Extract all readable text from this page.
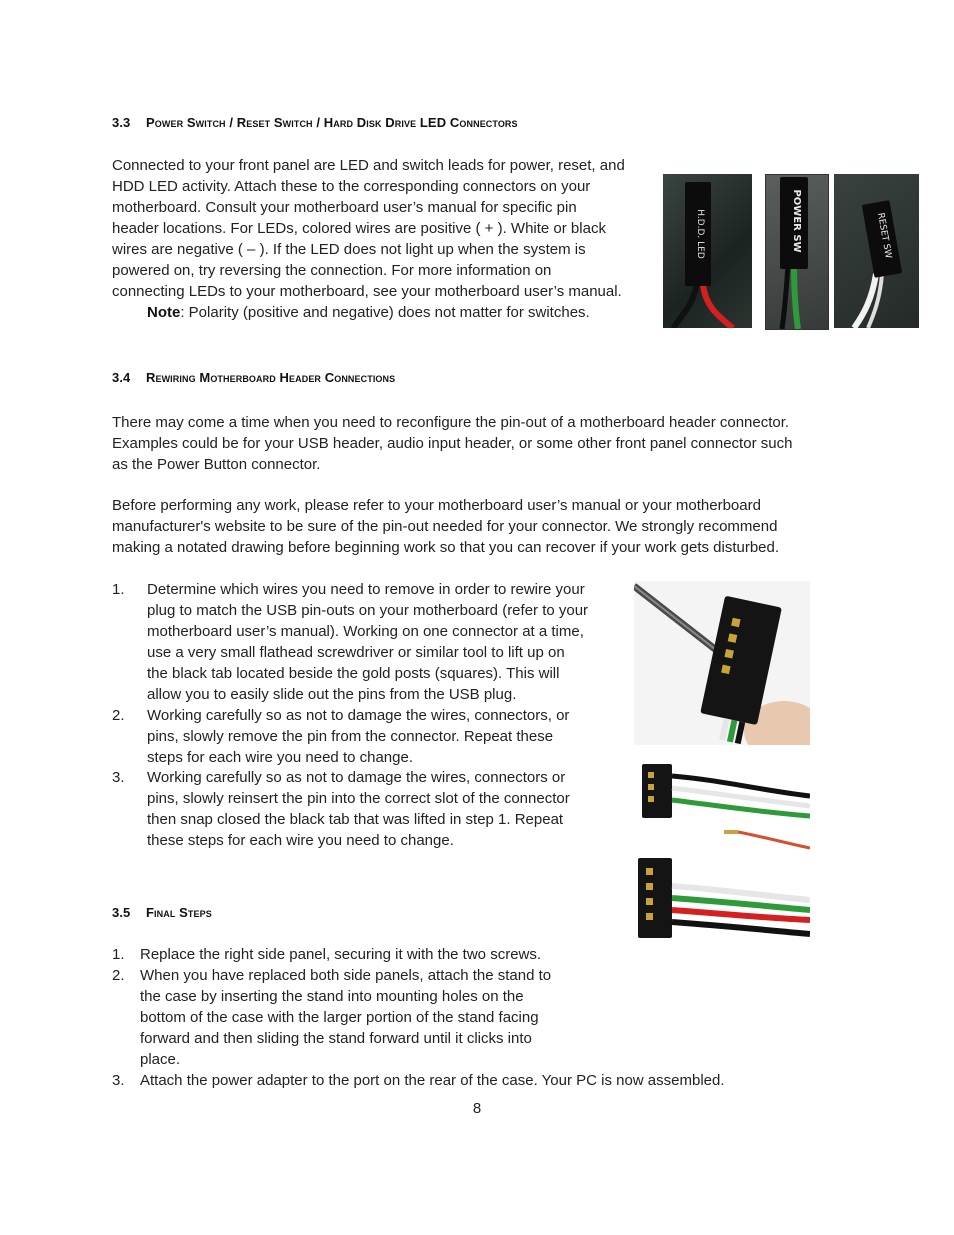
3.3 Power Switch / Reset Switch / Hard Disk Drive LED Connectors
Connected to your front panel are LED and switch leads for power, reset, and
HDD LED activity. Attach these to the corresponding connectors on your
motherboard. Consult your motherboard user’s manual for specific pin
header locations. For LEDs, colored wires are positive ( + ). White or black
wires are negative ( – ). If the LED does not light up when the system is
powered on, try reversing the connection. For more information on
connecting LEDs to your motherboard, see your motherboard user’s manual.
Note: Polarity (positive and negative) does not matter for switches.
H.D.D. LED	POWER SW	RESET SW
3.4 Rewiring Motherboard Header Connections
There may come a time when you need to reconfigure the pin-out of a motherboard header connector.
Examples could be for your USB header, audio input header, or some other front panel connector such
as the Power Button connector.
Before performing any work, please refer to your motherboard user’s manual or your motherboard
manufacturer's website to be sure of the pin-out needed for your connector. We strongly recommend
making a notated drawing before beginning work so that you can recover if your work gets disturbed.
1. Determine which wires you need to remove in order to rewire your
plug to match the USB pin-outs on your motherboard (refer to your
motherboard user’s manual). Working on one connector at a time,
use a very small flathead screwdriver or similar tool to lift up on
the black tab located beside the gold posts (squares). This will
allow you to easily slide out the pins from the USB plug.
2. Working carefully so as not to damage the wires, connectors, or
pins, slowly remove the pin from the connector. Repeat these
steps for each wire you need to change.
3. Working carefully so as not to damage the wires, connectors or
pins, slowly reinsert the pin into the correct slot of the connector
then snap closed the black tab that was lifted in step 1. Repeat
these steps for each wire you need to change.
3.5 Final Steps
1. Replace the right side panel, securing it with the two screws.
2. When you have replaced both side panels, attach the stand to
the case by inserting the stand into mounting holes on the
bottom of the case with the larger portion of the stand facing
forward and then sliding the stand forward until it clicks into
place.
3. Attach the power adapter to the port on the rear of the case. Your PC is now assembled.
8
